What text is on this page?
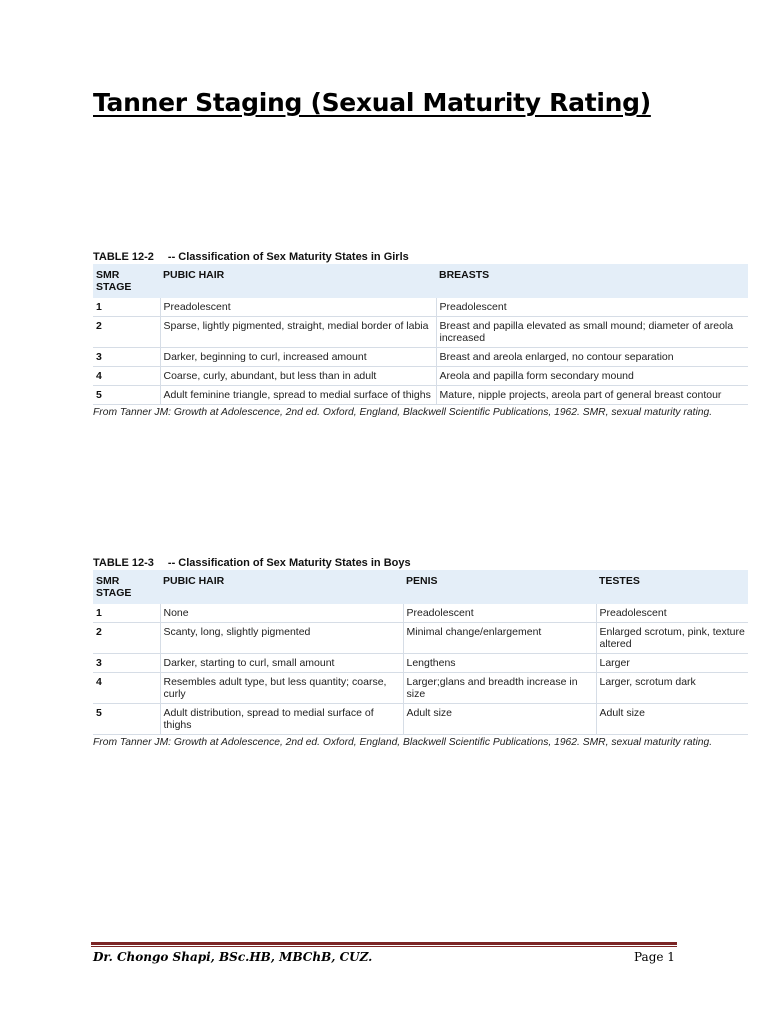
Tanner Staging (Sexual Maturity Rating)
TABLE 12-2 -- Classification of Sex Maturity States in Girls
SMR STAGE	PUBIC HAIR	BREASTS
1	Preadolescent	Preadolescent
2	Sparse, lightly pigmented, straight, medial border of labia	Breast and papilla elevated as small mound; diameter of areola increased
3	Darker, beginning to curl, increased amount	Breast and areola enlarged, no contour separation
4	Coarse, curly, abundant, but less than in adult	Areola and papilla form secondary mound
5	Adult feminine triangle, spread to medial surface of thighs	Mature, nipple projects, areola part of general breast contour
From Tanner JM: Growth at Adolescence, 2nd ed. Oxford, England, Blackwell Scientific Publications, 1962. SMR, sexual maturity rating.
TABLE 12-3 -- Classification of Sex Maturity States in Boys
SMR STAGE	PUBIC HAIR	PENIS	TESTES
1	None	Preadolescent	Preadolescent
2	Scanty, long, slightly pigmented	Minimal change/enlargement	Enlarged scrotum, pink, texture altered
3	Darker, starting to curl, small amount	Lengthens	Larger
4	Resembles adult type, but less quantity; coarse, curly	Larger;glans and breadth increase in size	Larger, scrotum dark
5	Adult distribution, spread to medial surface of thighs	Adult size	Adult size
From Tanner JM: Growth at Adolescence, 2nd ed. Oxford, England, Blackwell Scientific Publications, 1962. SMR, sexual maturity rating.
Dr. Chongo Shapi, BSc.HB, MBChB, CUZ.	Page 1
